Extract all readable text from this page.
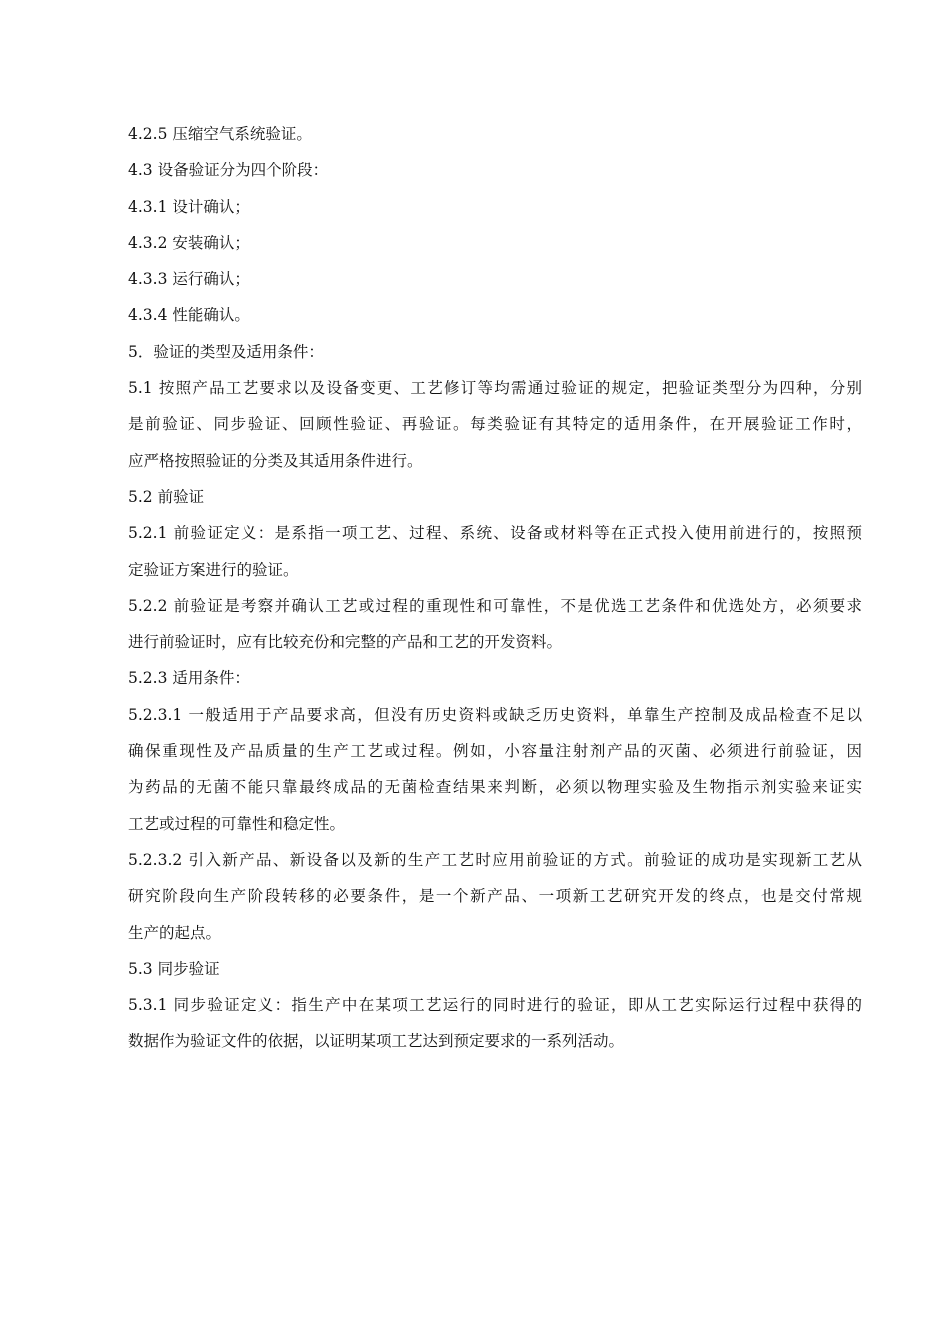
4.2.5 压缩空气系统验证。
4.3 设备验证分为四个阶段：
4.3.1 设计确认；
4.3.2 安装确认；
4.3.3 运行确认；
4.3.4 性能确认。
5．验证的类型及适用条件：
5.1 按照产品工艺要求以及设备变更、工艺修订等均需通过验证的规定，把验证类型分为四种，分别
是前验证、同步验证、回顾性验证、再验证。每类验证有其特定的适用条件，在开展验证工作时，
应严格按照验证的分类及其适用条件进行。
5.2 前验证
5.2.1 前验证定义：是系指一项工艺、过程、系统、设备或材料等在正式投入使用前进行的，按照预
定验证方案进行的验证。
5.2.2 前验证是考察并确认工艺或过程的重现性和可靠性，不是优选工艺条件和优选处方，必须要求
进行前验证时，应有比较充份和完整的产品和工艺的开发资料。
5.2.3 适用条件：
5.2.3.1 一般适用于产品要求高，但没有历史资料或缺乏历史资料，单靠生产控制及成品检查不足以
确保重现性及产品质量的生产工艺或过程。例如，小容量注射剂产品的灭菌、必须进行前验证，因
为药品的无菌不能只靠最终成品的无菌检查结果来判断，必须以物理实验及生物指示剂实验来证实
工艺或过程的可靠性和稳定性。
5.2.3.2 引入新产品、新设备以及新的生产工艺时应用前验证的方式。前验证的成功是实现新工艺从
研究阶段向生产阶段转移的必要条件，是一个新产品、一项新工艺研究开发的终点，也是交付常规
生产的起点。
5.3 同步验证
5.3.1 同步验证定义：指生产中在某项工艺运行的同时进行的验证，即从工艺实际运行过程中获得的
数据作为验证文件的依据，以证明某项工艺达到预定要求的一系列活动。
